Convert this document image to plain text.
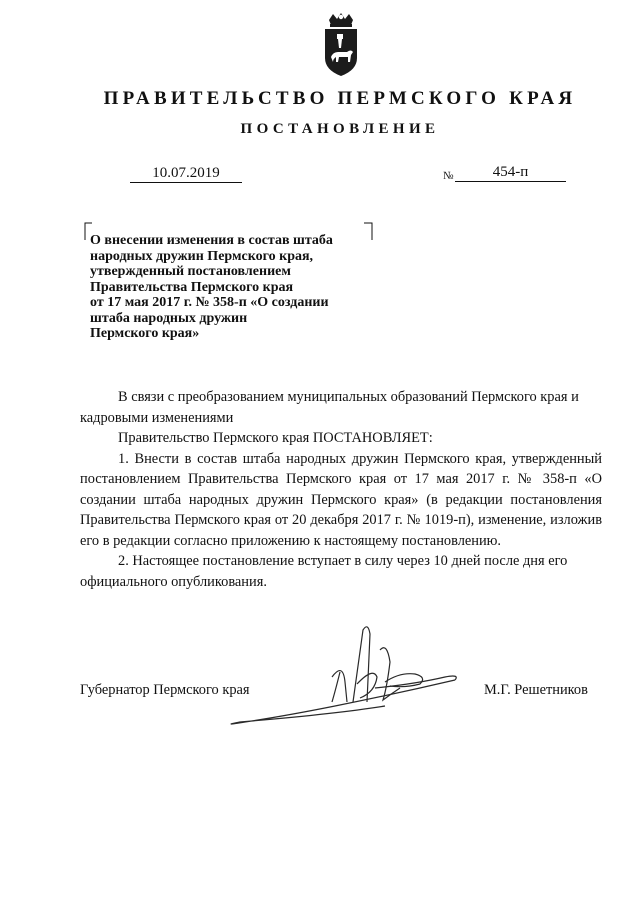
ПРАВИТЕЛЬСТВО ПЕРМСКОГО КРАЯ
ПОСТАНОВЛЕНИЕ
10.07.2019	№	454-п
О внесении изменения в состав штаба
народных дружин Пермского края,
утвержденный постановлением
Правительства Пермского края
от 17 мая 2017 г. № 358-п «О создании
штаба народных дружин
Пермского края»

В связи с преобразованием муниципальных образований Пермского края и кадровыми изменениями

Правительство Пермского края ПОСТАНОВЛЯЕТ:

1. Внести в состав штаба народных дружин Пермского края, утвержденный постановлением Правительства Пермского края от 17 мая 2017 г. № 358-п «О создании штаба народных дружин Пермского края» (в редакции постановления Правительства Пермского края от 20 декабря 2017 г. № 1019-п), изменение, изложив его в редакции согласно приложению к настоящему постановлению.

2. Настоящее постановление вступает в силу через 10 дней после дня его официального опубликования.

Губернатор Пермского края	М.Г. Решетников
